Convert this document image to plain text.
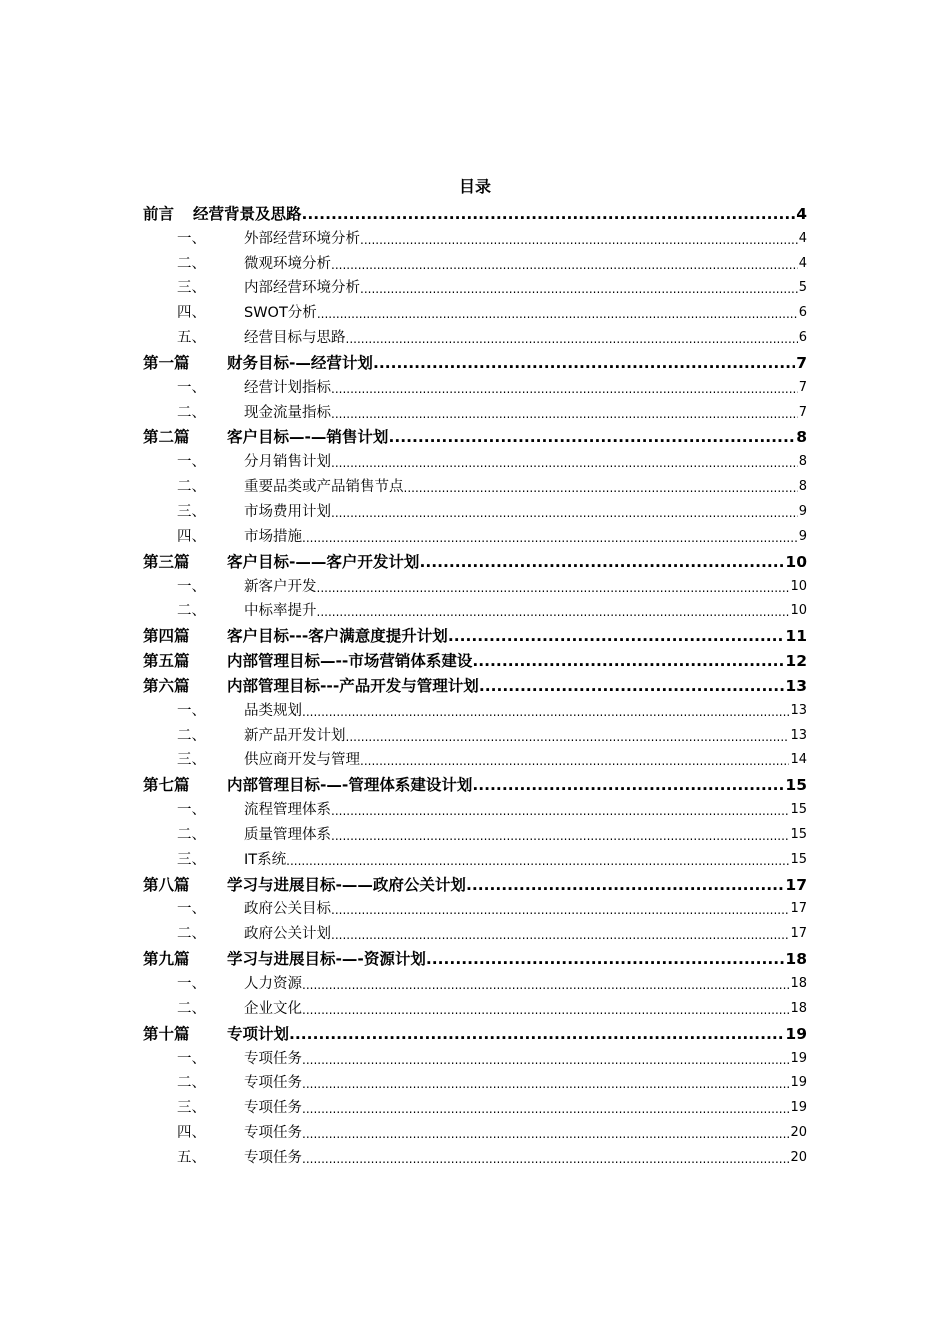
目录
前言	经营背景及思路 .....	4
一、	外部经营环境分析 .....	4
二、	微观环境分析 .....	4
三、	内部经营环境分析 .....	5
四、	SWOT分析 .....	6
五、	经营目标与思路 .....	6
第一篇	财务目标-—经营计划 .....	7
一、	经营计划指标 .....	7
二、	现金流量指标 .....	7
第二篇	客户目标—-—销售计划 .....	8
一、	分月销售计划 .....	8
二、	重要品类或产品销售节点 .....	8
三、	市场费用计划 .....	9
四、	市场措施 .....	9
第三篇	客户目标-——客户开发计划 .....	10
一、	新客户开发 .....	10
二、	中标率提升 .....	10
第四篇	客户目标---客户满意度提升计划 .....	11
第五篇	内部管理目标—--市场营销体系建设 .....	12
第六篇	内部管理目标---产品开发与管理计划 .....	13
一、	品类规划 .....	13
二、	新产品开发计划 .....	13
三、	供应商开发与管理 .....	14
第七篇	内部管理目标-—-管理体系建设计划 .....	15
一、	流程管理体系 .....	15
二、	质量管理体系 .....	15
三、	IT系统 .....	15
第八篇	学习与进展目标-——政府公关计划 .....	17
一、	政府公关目标 .....	17
二、	政府公关计划 .....	17
第九篇	学习与进展目标-—-资源计划 .....	18
一、	人力资源 .....	18
二、	企业文化 .....	18
第十篇	专项计划 .....	19
一、	专项任务 .....	19
二、	专项任务 .....	19
三、	专项任务 .....	19
四、	专项任务 .....	20
五、	专项任务 .....	20
